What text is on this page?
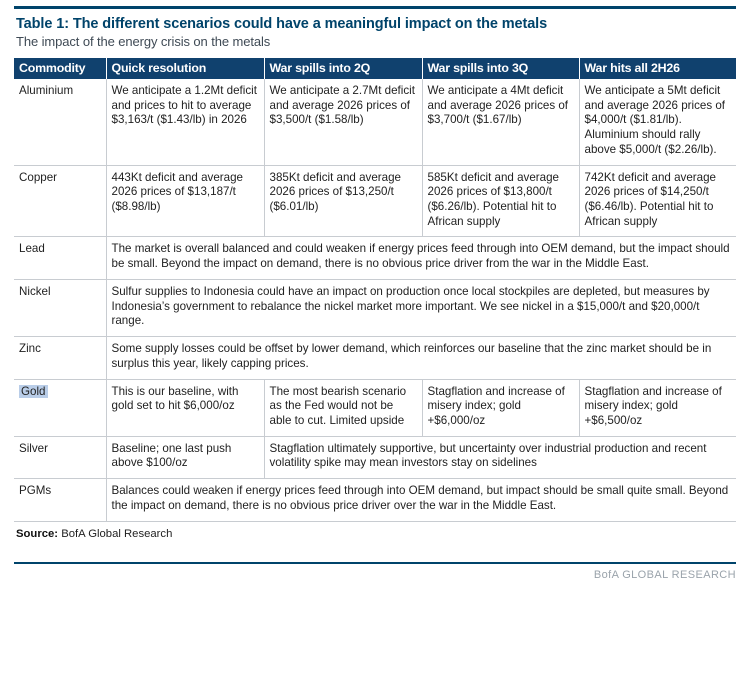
Table 1: The different scenarios could have a meaningful impact on the metals
The impact of the energy crisis on the metals
Commodity	Quick resolution	War spills into 2Q	War spills into 3Q	War hits all 2H26
Aluminium	We anticipate a 1.2Mt deficit and prices to hit to average $3,163/t ($1.43/lb) in 2026	We anticipate a 2.7Mt deficit and average 2026 prices of $3,500/t ($1.58/lb)	We anticipate a 4Mt deficit and average 2026 prices of $3,700/t ($1.67/lb)	We anticipate a 5Mt deficit and average 2026 prices of $4,000/t ($1.81/lb). Aluminium should rally above $5,000/t ($2.26/lb).
Copper	443Kt deficit and average 2026 prices of $13,187/t ($8.98/lb)	385Kt deficit and average 2026 prices of $13,250/t ($6.01/lb)	585Kt deficit and average 2026 prices of $13,800/t ($6.26/lb). Potential hit to African supply	742Kt deficit and average 2026 prices of $14,250/t ($6.46/lb). Potential hit to African supply
Lead	The market is overall balanced and could weaken if energy prices feed through into OEM demand, but the impact should be small. Beyond the impact on demand, there is no obvious price driver from the war in the Middle East.			
Nickel	Sulfur supplies to Indonesia could have an impact on production once local stockpiles are depleted, but measures by Indonesia’s government to rebalance the nickel market more important. We see nickel in a $15,000/t and $20,000/t range.			
Zinc	Some supply losses could be offset by lower demand, which reinforces our baseline that the zinc market should be in surplus this year, likely capping prices.			
Gold	This is our baseline, with gold set to hit $6,000/oz	The most bearish scenario as the Fed would not be able to cut. Limited upside	Stagflation and increase of misery index; gold +$6,000/oz	Stagflation and increase of misery index; gold +$6,500/oz
Silver	Baseline; one last push above $100/oz	Stagflation ultimately supportive, but uncertainty over industrial production and recent volatility spike may mean investors stay on sidelines		
PGMs	Balances could weaken if energy prices feed through into OEM demand, but impact should be small quite small. Beyond the impact on demand, there is no obvious price driver over the war in the Middle East.			
Source: BofA Global Research
BofA GLOBAL RESEARCH
